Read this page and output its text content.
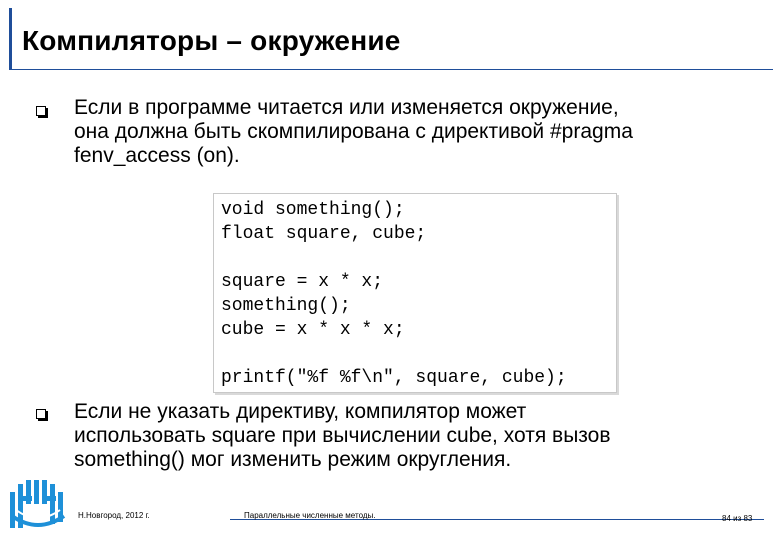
Компиляторы – окружение
Если в программе читается или изменяется окружение,
она должна быть скомпилирована с директивой #pragma
fenv_access (on).
void something();
float square, cube;
square = x * x;
something();
cube = x * x * x;
printf("%f %f\n", square, cube);
Если не указать директиву, компилятор может
использовать square при вычислении cube, хотя вызов
something() мог изменить режим округления.
Н.Новгород, 2012 г.	Параллельные численные методы.	84 из 83
